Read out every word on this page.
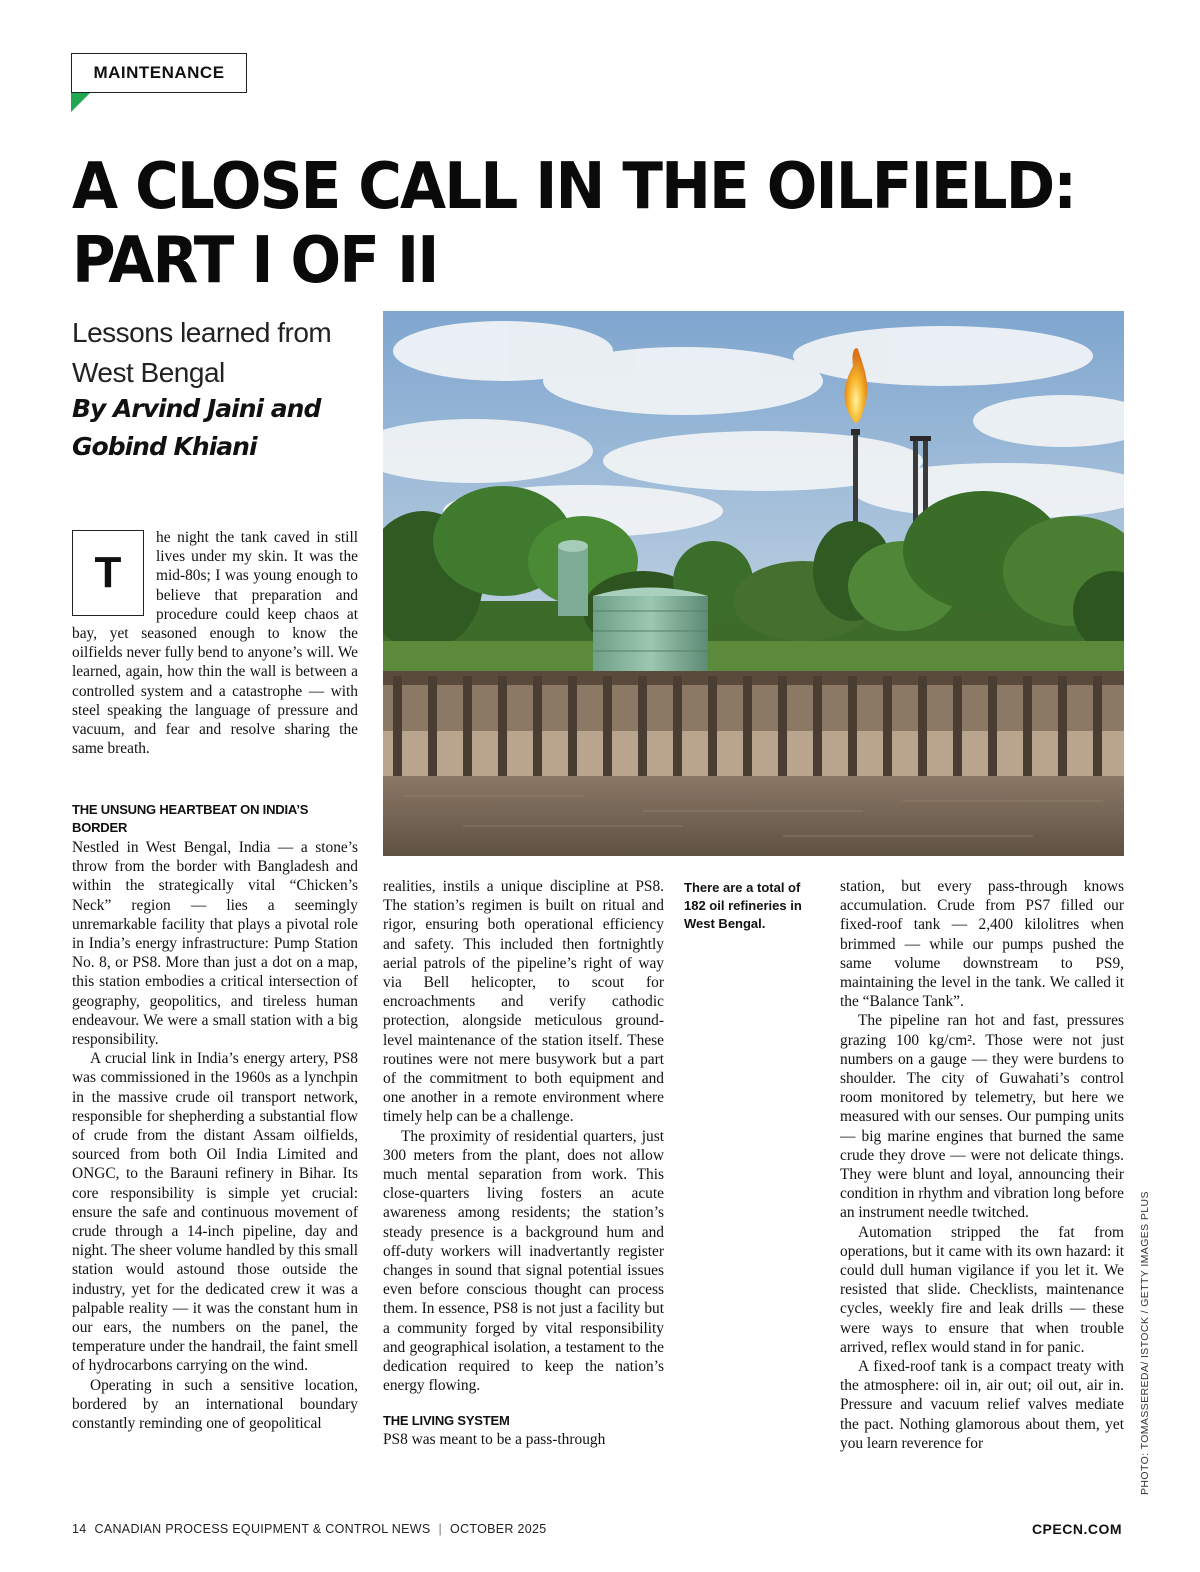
MAINTENANCE
A CLOSE CALL IN THE OILFIELD:
PART I OF II
Lessons learned from West Bengal
By Arvind Jaini and Gobind Khiani
T

he night the tank caved in still lives under my skin. It was the mid-80s; I was young enough to believe that preparation and procedure could keep chaos at bay, yet seasoned enough to know the oilfields never fully bend to anyone’s will. We learned, again, how thin the wall is between a controlled system and a catastrophe — with steel speaking the language of pressure and vacuum, and fear and resolve sharing the same breath.

THE UNSUNG HEARTBEAT ON INDIA’S BORDER

Nestled in West Bengal, India — a stone’s throw from the border with Bangladesh and within the strategically vital “Chicken’s Neck” region — lies a seemingly unremarkable facility that plays a pivotal role in India’s energy infrastructure: Pump Station No. 8, or PS8. More than just a dot on a map, this station embodies a critical intersection of geography, geopolitics, and tireless human endeavour. We were a small station with a big responsibility.

A crucial link in India’s energy artery, PS8 was commissioned in the 1960s as a lynchpin in the massive crude oil transport network, responsible for shepherding a substantial flow of crude from the distant Assam oilfields, sourced from both Oil India Limited and ONGC, to the Barauni refinery in Bihar. Its core responsibility is simple yet crucial: ensure the safe and continuous movement of crude through a 14-inch pipeline, day and night. The sheer volume handled by this small station would astound those outside the industry, yet for the dedicated crew it was a palpable reality — it was the constant hum in our ears, the numbers on the panel, the temperature under the handrail, the faint smell of hydrocarbons carrying on the wind.

Operating in such a sensitive location, bordered by an international boundary constantly reminding one of geopolitical

realities, instils a unique discipline at PS8. The station’s regimen is built on ritual and rigor, ensuring both operational efficiency and safety. This included then fortnightly aerial patrols of the pipeline’s right of way via Bell helicopter, to scout for encroachments and verify cathodic protection, alongside meticulous ground-level maintenance of the station itself. These routines were not mere busywork but a part of the commitment to both equipment and one another in a remote environment where timely help can be a challenge.

The proximity of residential quarters, just 300 meters from the plant, does not allow much mental separation from work. This close-quarters living fosters an acute awareness among residents; the station’s steady presence is a background hum and off-duty workers will inadvertantly register changes in sound that signal potential issues even before conscious thought can process them. In essence, PS8 is not just a facility but a community forged by vital responsibility and geographical isolation, a testament to the dedication required to keep the nation’s energy flowing.

THE LIVING SYSTEM

PS8 was meant to be a pass-through

There are a total of 182 oil refineries in West Bengal.

station, but every pass-through knows accumulation. Crude from PS7 filled our fixed-roof tank — 2,400 kilolitres when brimmed — while our pumps pushed the same volume downstream to PS9, maintaining the level in the tank. We called it the “Balance Tank”.

The pipeline ran hot and fast, pressures grazing 100 kg/cm². Those were not just numbers on a gauge — they were burdens to shoulder. The city of Guwahati’s control room monitored by telemetry, but here we measured with our senses. Our pumping units — big marine engines that burned the same crude they drove — were not delicate things. They were blunt and loyal, announcing their condition in rhythm and vibration long before an instrument needle twitched.

Automation stripped the fat from operations, but it came with its own hazard: it could dull human vigilance if you let it. We resisted that slide. Checklists, maintenance cycles, weekly fire and leak drills — these were ways to ensure that when trouble arrived, reflex would stand in for panic.

A fixed-roof tank is a compact treaty with the atmosphere: oil in, air out; oil out, air in. Pressure and vacuum relief valves mediate the pact. Nothing glamorous about them, yet you learn reverence for	PHOTO: TOMASSEREDA/ ISTOCK / GETTY IMAGES PLUS
14 CANADIAN PROCESS EQUIPMENT & CONTROL NEWS | OCTOBER 2025	CPECN.COM
